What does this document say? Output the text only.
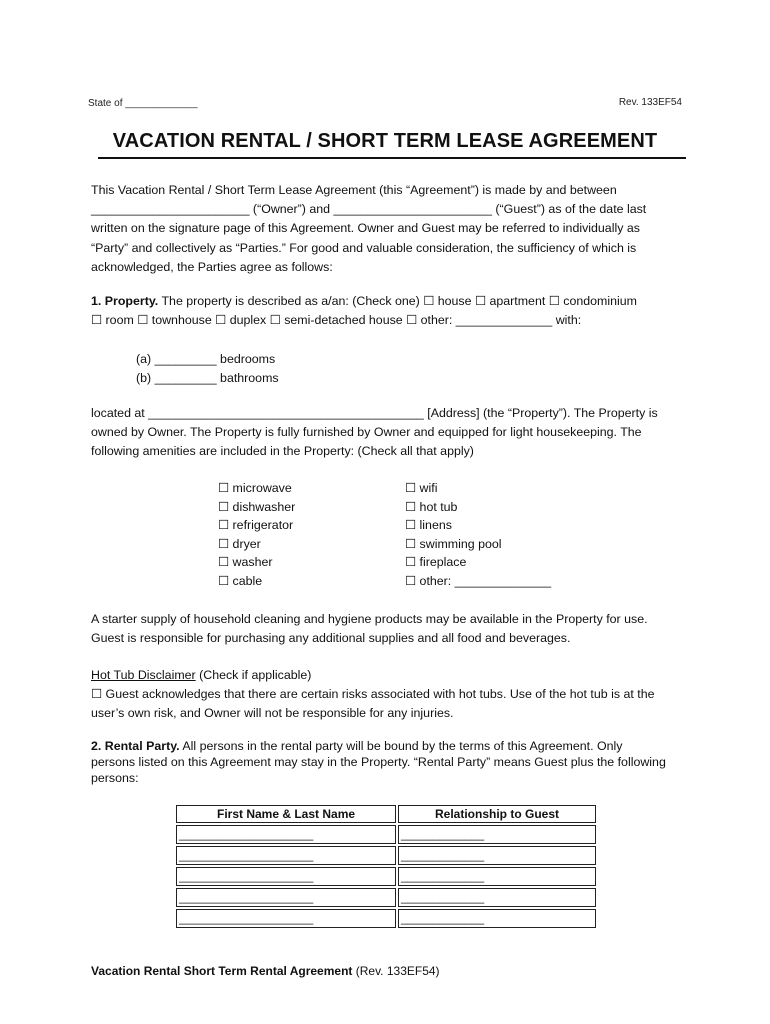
State of _____________	Rev. 133EF54
VACATION RENTAL / SHORT TERM LEASE AGREEMENT
This Vacation Rental / Short Term Lease Agreement (this “Agreement”) is made by and between
_______________________ (“Owner”) and _______________________ (“Guest”) as of the date last
written on the signature page of this Agreement. Owner and Guest may be referred to individually as
“Party” and collectively as “Parties.” For good and valuable consideration, the sufficiency of which is
acknowledged, the Parties agree as follows:
1. Property. The property is described as a/an: (Check one) ☐ house ☐ apartment ☐ condominium
☐ room ☐ townhouse ☐ duplex ☐ semi-detached house ☐ other: ______________ with:
(a) _________ bedrooms
(b) _________ bathrooms
located at ________________________________________ [Address] (the “Property”). The Property is
owned by Owner. The Property is fully furnished by Owner and equipped for light housekeeping. The
following amenities are included in the Property: (Check all that apply)
☐ microwave
☐ dishwasher
☐ refrigerator
☐ dryer
☐ washer
☐ cable
☐ wifi
☐ hot tub
☐ linens
☐ swimming pool
☐ fireplace
☐ other: ______________
A starter supply of household cleaning and hygiene products may be available in the Property for use.
Guest is responsible for purchasing any additional supplies and all food and beverages.
Hot Tub Disclaimer (Check if applicable)
☐ Guest acknowledges that there are certain risks associated with hot tubs. Use of the hot tub is at the
user’s own risk, and Owner will not be responsible for any injuries.
2. Rental Party. All persons in the rental party will be bound by the terms of this Agreement. Only
persons listed on this Agreement may stay in the Property. “Rental Party” means Guest plus the following
persons:
First Name & Last Name	Relationship to Guest
_____________________	_____________
_____________________	_____________
_____________________	_____________
_____________________	_____________
_____________________	_____________
Vacation Rental Short Term Rental Agreement (Rev. 133EF54)
